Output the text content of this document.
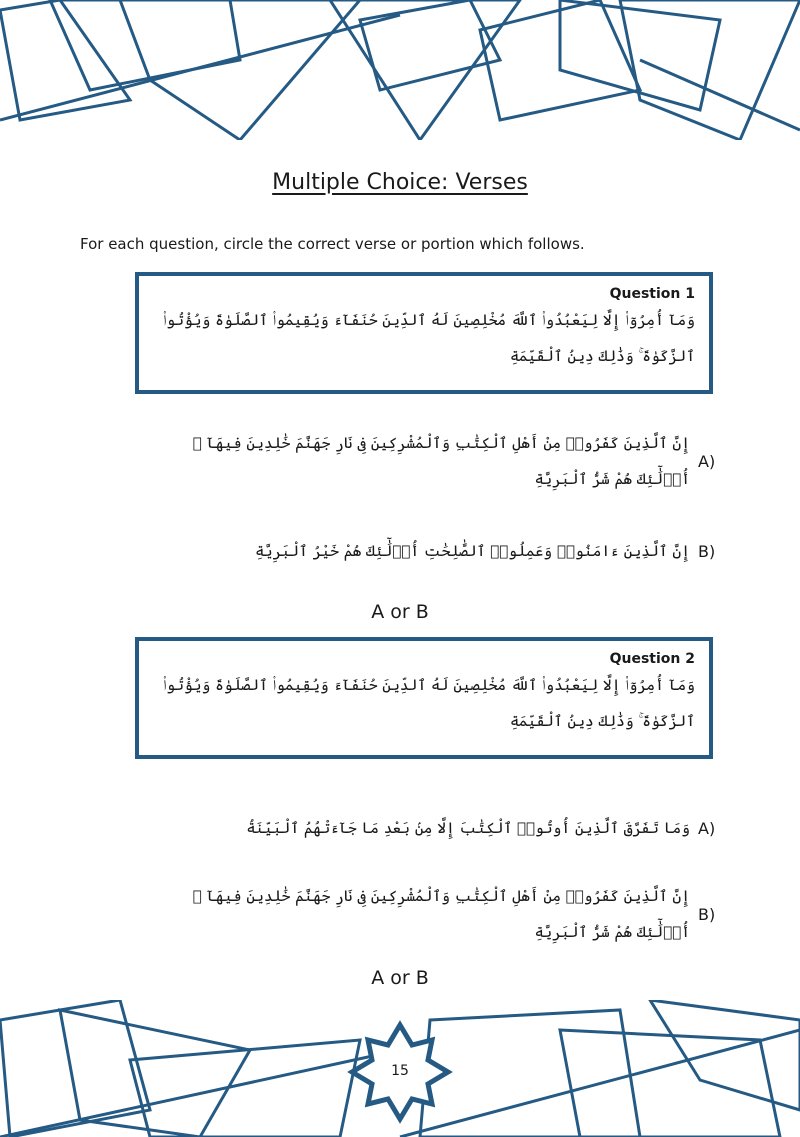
Multiple Choice: Verses
For each question, circle the correct verse or portion which follows.
Question 1
وَمَآ أُمِرُوٓا۟ إِلَّا لِيَعْبُدُوا۟ ٱللَّهَ مُخْلِصِينَ لَهُ ٱلدِّينَ حُنَفَآءَ وَيُقِيمُوا۟ ٱلصَّلَوٰةَ وَيُؤْتُوا۟ ٱلزَّكَوٰةَ ۚ وَذَٰلِكَ دِينُ ٱلْقَيِّمَةِ
A)
إِنَّ ٱلَّذِينَ كَفَرُوا۟ مِنْ أَهْلِ ٱلْكِتَٰبِ وَٱلْمُشْرِكِينَ فِى نَارِ جَهَنَّمَ خَٰلِدِينَ فِيهَآ ۚ أُو۟لَٰٓئِكَ هُمْ شَرُّ ٱلْبَرِيَّةِ
B)
إِنَّ ٱلَّذِينَ ءَامَنُوا۟ وَعَمِلُوا۟ ٱلصَّٰلِحَٰتِ أُو۟لَٰٓئِكَ هُمْ خَيْرُ ٱلْبَرِيَّةِ
A or B
Question 2
وَمَآ أُمِرُوٓا۟ إِلَّا لِيَعْبُدُوا۟ ٱللَّهَ مُخْلِصِينَ لَهُ ٱلدِّينَ حُنَفَآءَ وَيُقِيمُوا۟ ٱلصَّلَوٰةَ وَيُؤْتُوا۟ ٱلزَّكَوٰةَ ۚ وَذَٰلِكَ دِينُ ٱلْقَيِّمَةِ
A)
وَمَا تَفَرَّقَ ٱلَّذِينَ أُوتُوا۟ ٱلْكِتَٰبَ إِلَّا مِنۢ بَعْدِ مَا جَآءَتْهُمُ ٱلْبَيِّنَةُ
B)
إِنَّ ٱلَّذِينَ كَفَرُوا۟ مِنْ أَهْلِ ٱلْكِتَٰبِ وَٱلْمُشْرِكِينَ فِى نَارِ جَهَنَّمَ خَٰلِدِينَ فِيهَآ ۚ أُو۟لَٰٓئِكَ هُمْ شَرُّ ٱلْبَرِيَّةِ
A or B
15
